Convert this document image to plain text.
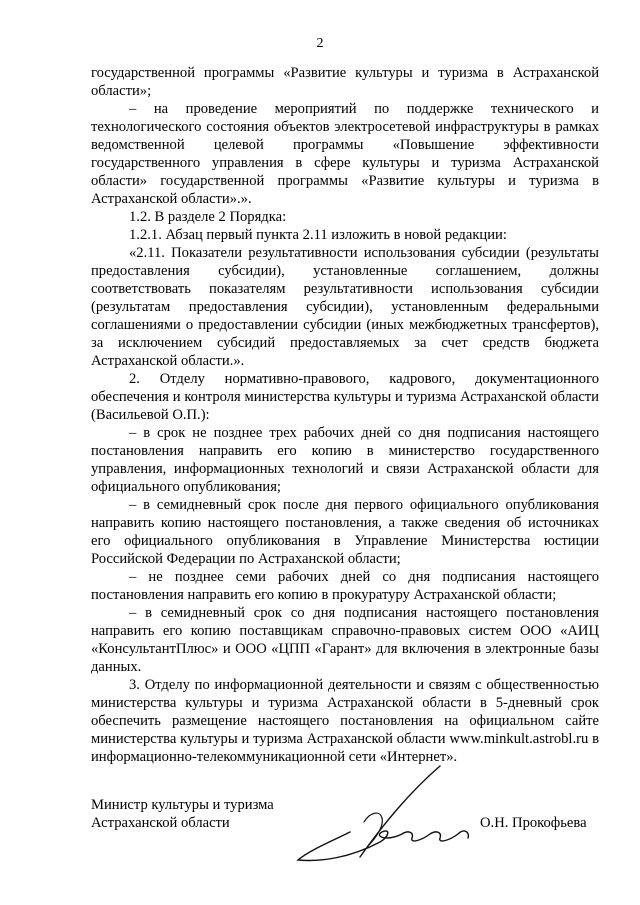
2

государственной программы «Развитие культуры и туризма в Астраханской области»;

– на проведение мероприятий по поддержке технического и технологического состояния объектов электросетевой инфраструктуры в рамках ведомственной целевой программы «Повышение эффективности государственного управления в сфере культуры и туризма Астраханской области» государственной программы «Развитие культуры и туризма в Астраханской области».».

1.2. В разделе 2 Порядка:

1.2.1. Абзац первый пункта 2.11 изложить в новой редакции:

«2.11. Показатели результативности использования субсидии (результаты предоставления субсидии), установленные соглашением, должны соответствовать показателям результативности использования субсидии (результатам предоставления субсидии), установленным федеральными соглашениями о предоставлении субсидии (иных межбюджетных трансфертов), за исключением субсидий предоставляемых за счет средств бюджета Астраханской области.».

2. Отделу нормативно-правового, кадрового, документационного обеспечения и контроля министерства культуры и туризма Астраханской области (Васильевой О.П.):

– в срок не позднее трех рабочих дней со дня подписания настоящего постановления направить его копию в министерство государственного управления, информационных технологий и связи Астраханской области для официального опубликования;

– в семидневный срок после дня первого официального опубликования направить копию настоящего постановления, а также сведения об источниках его официального опубликования в Управление Министерства юстиции Российской Федерации по Астраханской области;

– не позднее семи рабочих дней со дня подписания настоящего постановления направить его копию в прокуратуру Астраханской области;

– в семидневный срок со дня подписания настоящего постановления направить его копию поставщикам справочно-правовых систем ООО «АИЦ «КонсультантПлюс» и ООО «ЦПП «Гарант» для включения в электронные базы данных.

3. Отделу по информационной деятельности и связям с общественностью министерства культуры и туризма Астраханской области в 5-дневный срок обеспечить размещение настоящего постановления на официальном сайте министерства культуры и туризма Астраханской области www.minkult.astrobl.ru в информационно-телекоммуникационной сети «Интернет».

Министр культуры и туризма
Астраханской области	О.Н. Прокофьева
